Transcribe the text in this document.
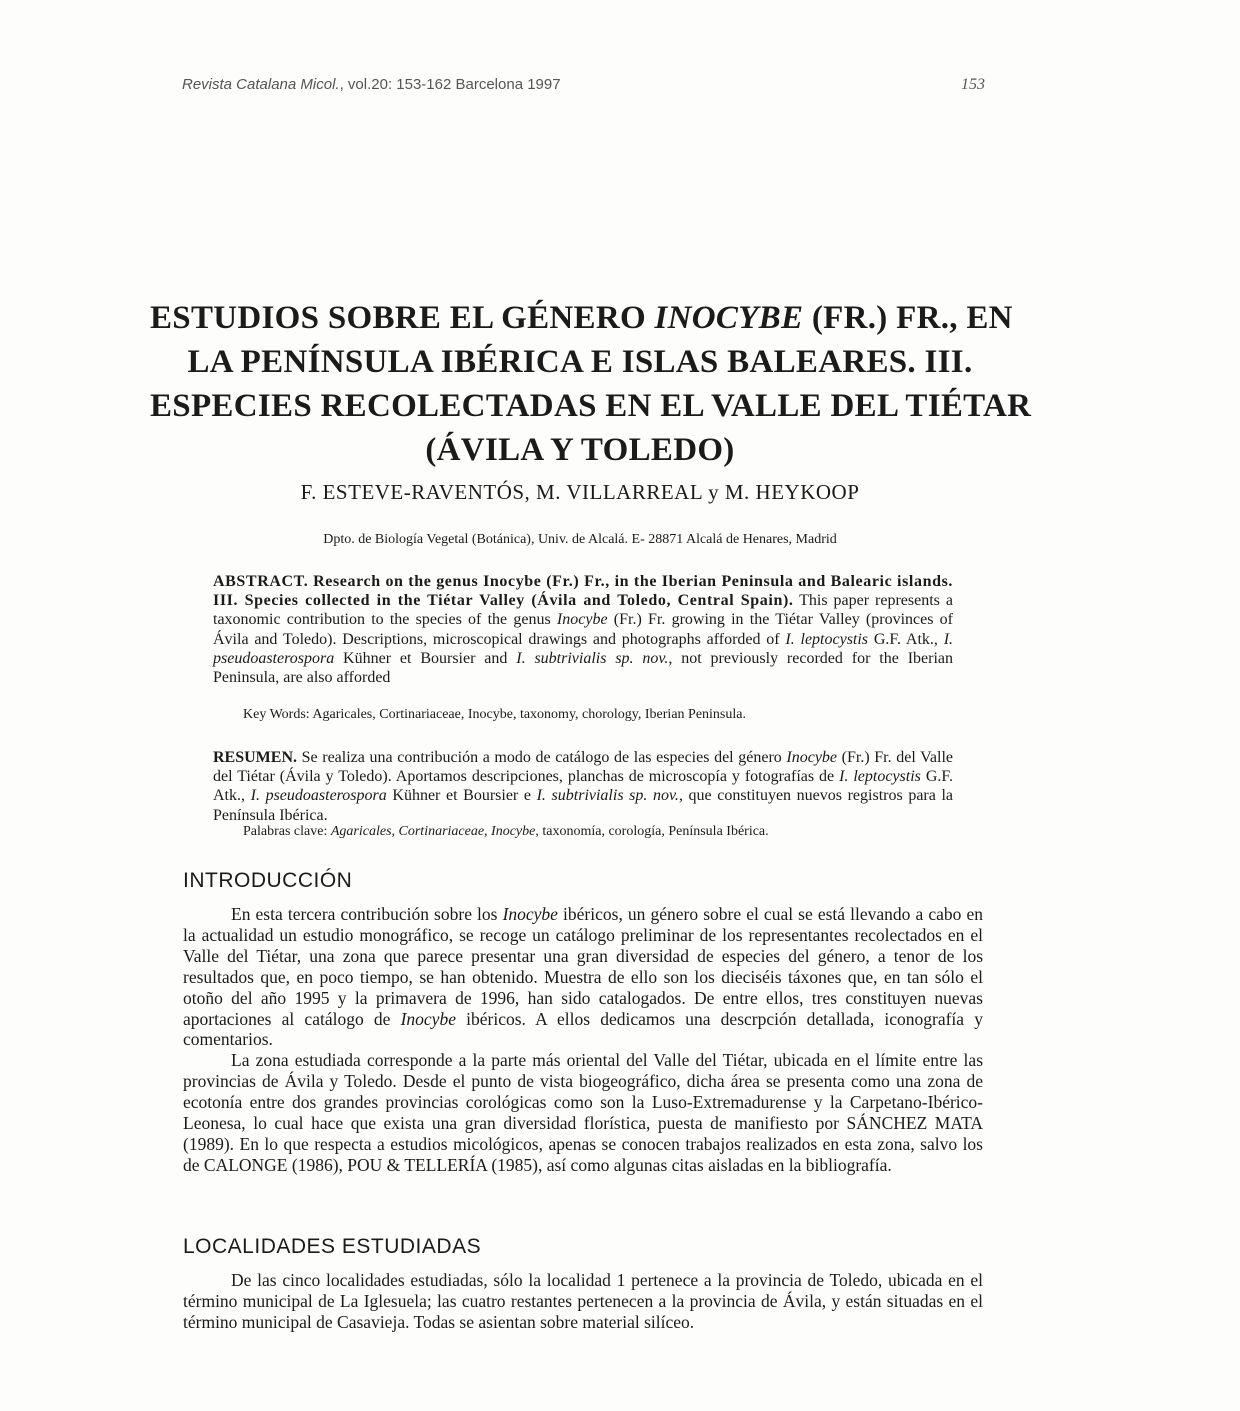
Revista Catalana Micol., vol.20: 153-162 Barcelona 1997	153
ESTUDIOS SOBRE EL GÉNERO INOCYBE (FR.) FR., EN
LA PENÍNSULA IBÉRICA E ISLAS BALEARES. III.
ESPECIES RECOLECTADAS EN EL VALLE DEL TIÉTAR
(ÁVILA Y TOLEDO)
F. ESTEVE-RAVENTÓS, M. VILLARREAL y M. HEYKOOP
Dpto. de Biología Vegetal (Botánica), Univ. de Alcalá. E- 28871 Alcalá de Henares, Madrid
ABSTRACT. Research on the genus Inocybe (Fr.) Fr., in the Iberian Peninsula and Balearic islands. III. Species collected in the Tiétar Valley (Ávila and Toledo, Central Spain). This paper represents a taxonomic contribution to the species of the genus Inocybe (Fr.) Fr. growing in the Tiétar Valley (provinces of Ávila and Toledo). Descriptions, microscopical drawings and photographs afforded of I. leptocystis G.F. Atk., I. pseudoasterospora Kühner et Boursier and I. subtrivialis sp. nov., not previously recorded for the Iberian Peninsula, are also afforded
Key Words: Agaricales, Cortinariaceae, Inocybe, taxonomy, chorology, Iberian Peninsula.
RESUMEN. Se realiza una contribución a modo de catálogo de las especies del género Inocybe (Fr.) Fr. del Valle del Tiétar (Ávila y Toledo). Aportamos descripciones, planchas de microscopía y fotografías de I. leptocystis G.F. Atk., I. pseudoasterospora Kühner et Boursier e I. subtrivialis sp. nov., que constituyen nuevos registros para la Península Ibérica.
Palabras clave: Agaricales, Cortinariaceae, Inocybe, taxonomía, corología, Península Ibérica.
INTRODUCCIÓN

En esta tercera contribución sobre los Inocybe ibéricos, un género sobre el cual se está llevando a cabo en la actualidad un estudio monográfico, se recoge un catálogo preliminar de los representantes recolectados en el Valle del Tiétar, una zona que parece presentar una gran diversidad de especies del género, a tenor de los resultados que, en poco tiempo, se han obtenido. Muestra de ello son los dieciséis táxones que, en tan sólo el otoño del año 1995 y la primavera de 1996, han sido catalogados. De entre ellos, tres constituyen nuevas aportaciones al catálogo de Inocybe ibéricos. A ellos dedicamos una descrpción detallada, iconografía y comentarios.

La zona estudiada corresponde a la parte más oriental del Valle del Tiétar, ubicada en el límite entre las provincias de Ávila y Toledo. Desde el punto de vista biogeográfico, dicha área se presenta como una zona de ecotonía entre dos grandes provincias corológicas como son la Luso-Extremadurense y la Carpetano-Ibérico-Leonesa, lo cual hace que exista una gran diversidad florística, puesta de manifiesto por SÁNCHEZ MATA (1989). En lo que respecta a estudios micológicos, apenas se conocen trabajos realizados en esta zona, salvo los de CALONGE (1986), POU & TELLERÍA (1985), así como algunas citas aisladas en la bibliografía.

LOCALIDADES ESTUDIADAS

De las cinco localidades estudiadas, sólo la localidad 1 pertenece a la provincia de Toledo, ubicada en el término municipal de La Iglesuela; las cuatro restantes pertenecen a la provincia de Ávila, y están situadas en el término municipal de Casavieja. Todas se asientan sobre material silíceo.
